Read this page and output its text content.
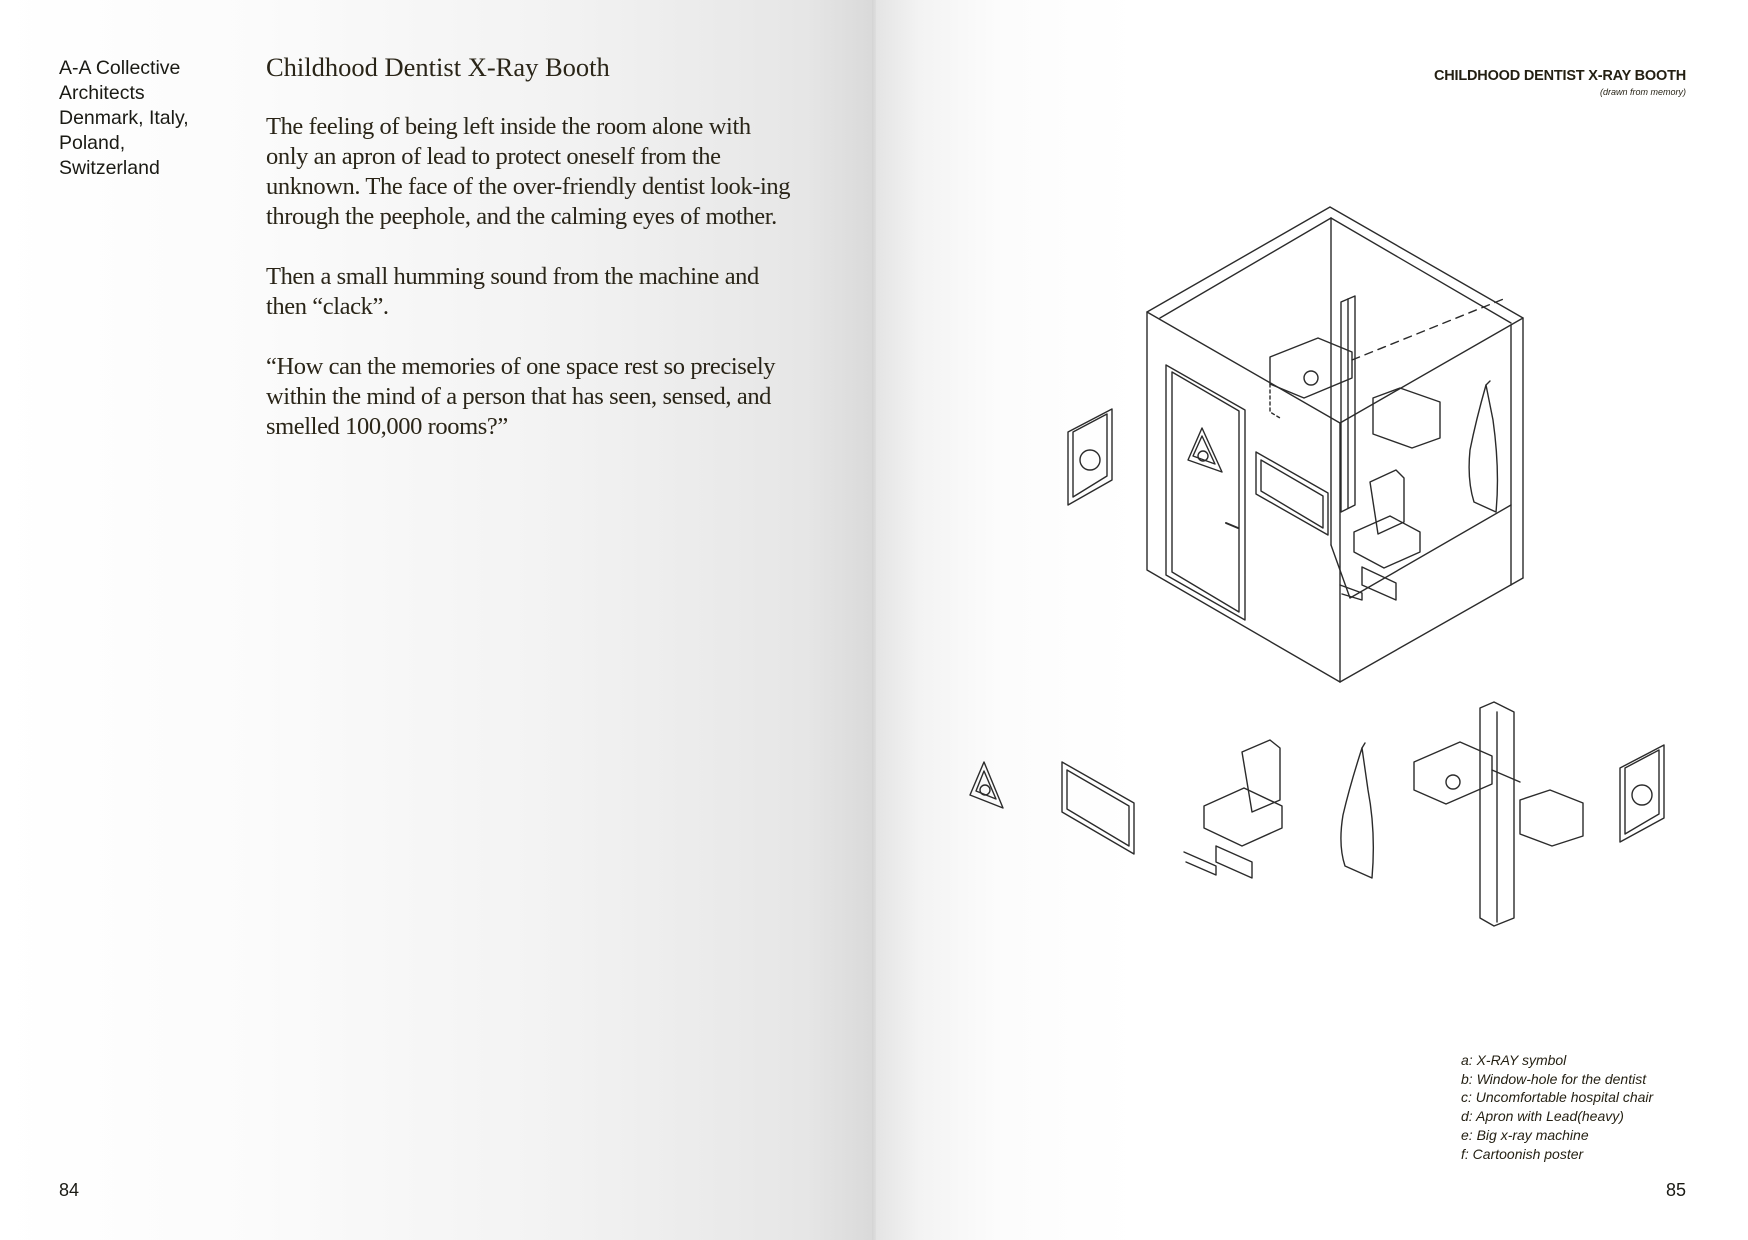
A-A Collective
Architects
Denmark, Italy,
Poland,
Switzerland
Childhood Dentist X-Ray Booth

The feeling of being left inside the room alone with only an apron of lead to protect oneself from the unknown. The face of the over-friendly dentist look-ing through the peephole, and the calming eyes of mother.

Then a small humming sound from the machine and then “clack”.

“How can the memories of one space rest so precisely within the mind of a person that has seen, sensed, and smelled 100,000 rooms?”

84	85
CHILDHOOD DENTIST X-RAY BOOTH
(drawn from memory)
a: X-RAY symbol
b: Window-hole for the dentist
c: Uncomfortable hospital chair
d: Apron with Lead(heavy)
e: Big x-ray machine
f: Cartoonish poster
